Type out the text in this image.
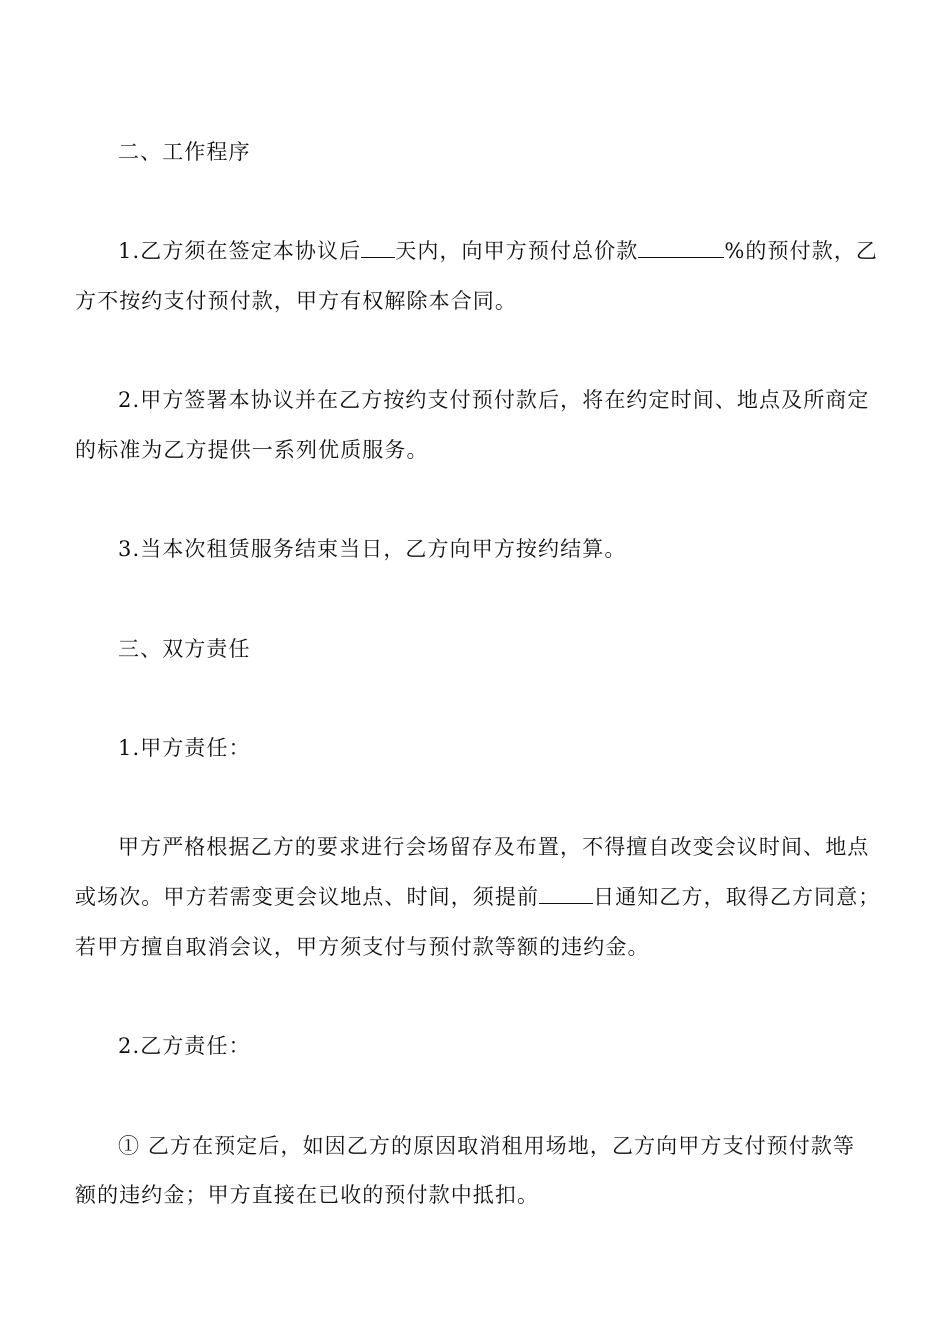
二、工作程序

1.乙方须在签定本协议后 天内，向甲方预付总价款	%的预付款，乙

方不按约支付预付款，甲方有权解除本合同。

2.甲方签署本协议并在乙方按约支付预付款后，将在约定时间、地点及所商定

的标准为乙方提供一系列优质服务。

3.当本次租赁服务结束当日，乙方向甲方按约结算。

三、双方责任

1.甲方责任：

甲方严格根据乙方的要求进行会场留存及布置，不得擅自改变会议时间、地点

或场次。甲方若需变更会议地点、时间，须提前	日通知乙方，取得乙方同意；

若甲方擅自取消会议，甲方须支付与预付款等额的违约金。

2.乙方责任：

① 乙方在预定后，如因乙方的原因取消租用场地，乙方向甲方支付预付款等

额的违约金；甲方直接在已收的预付款中抵扣。
